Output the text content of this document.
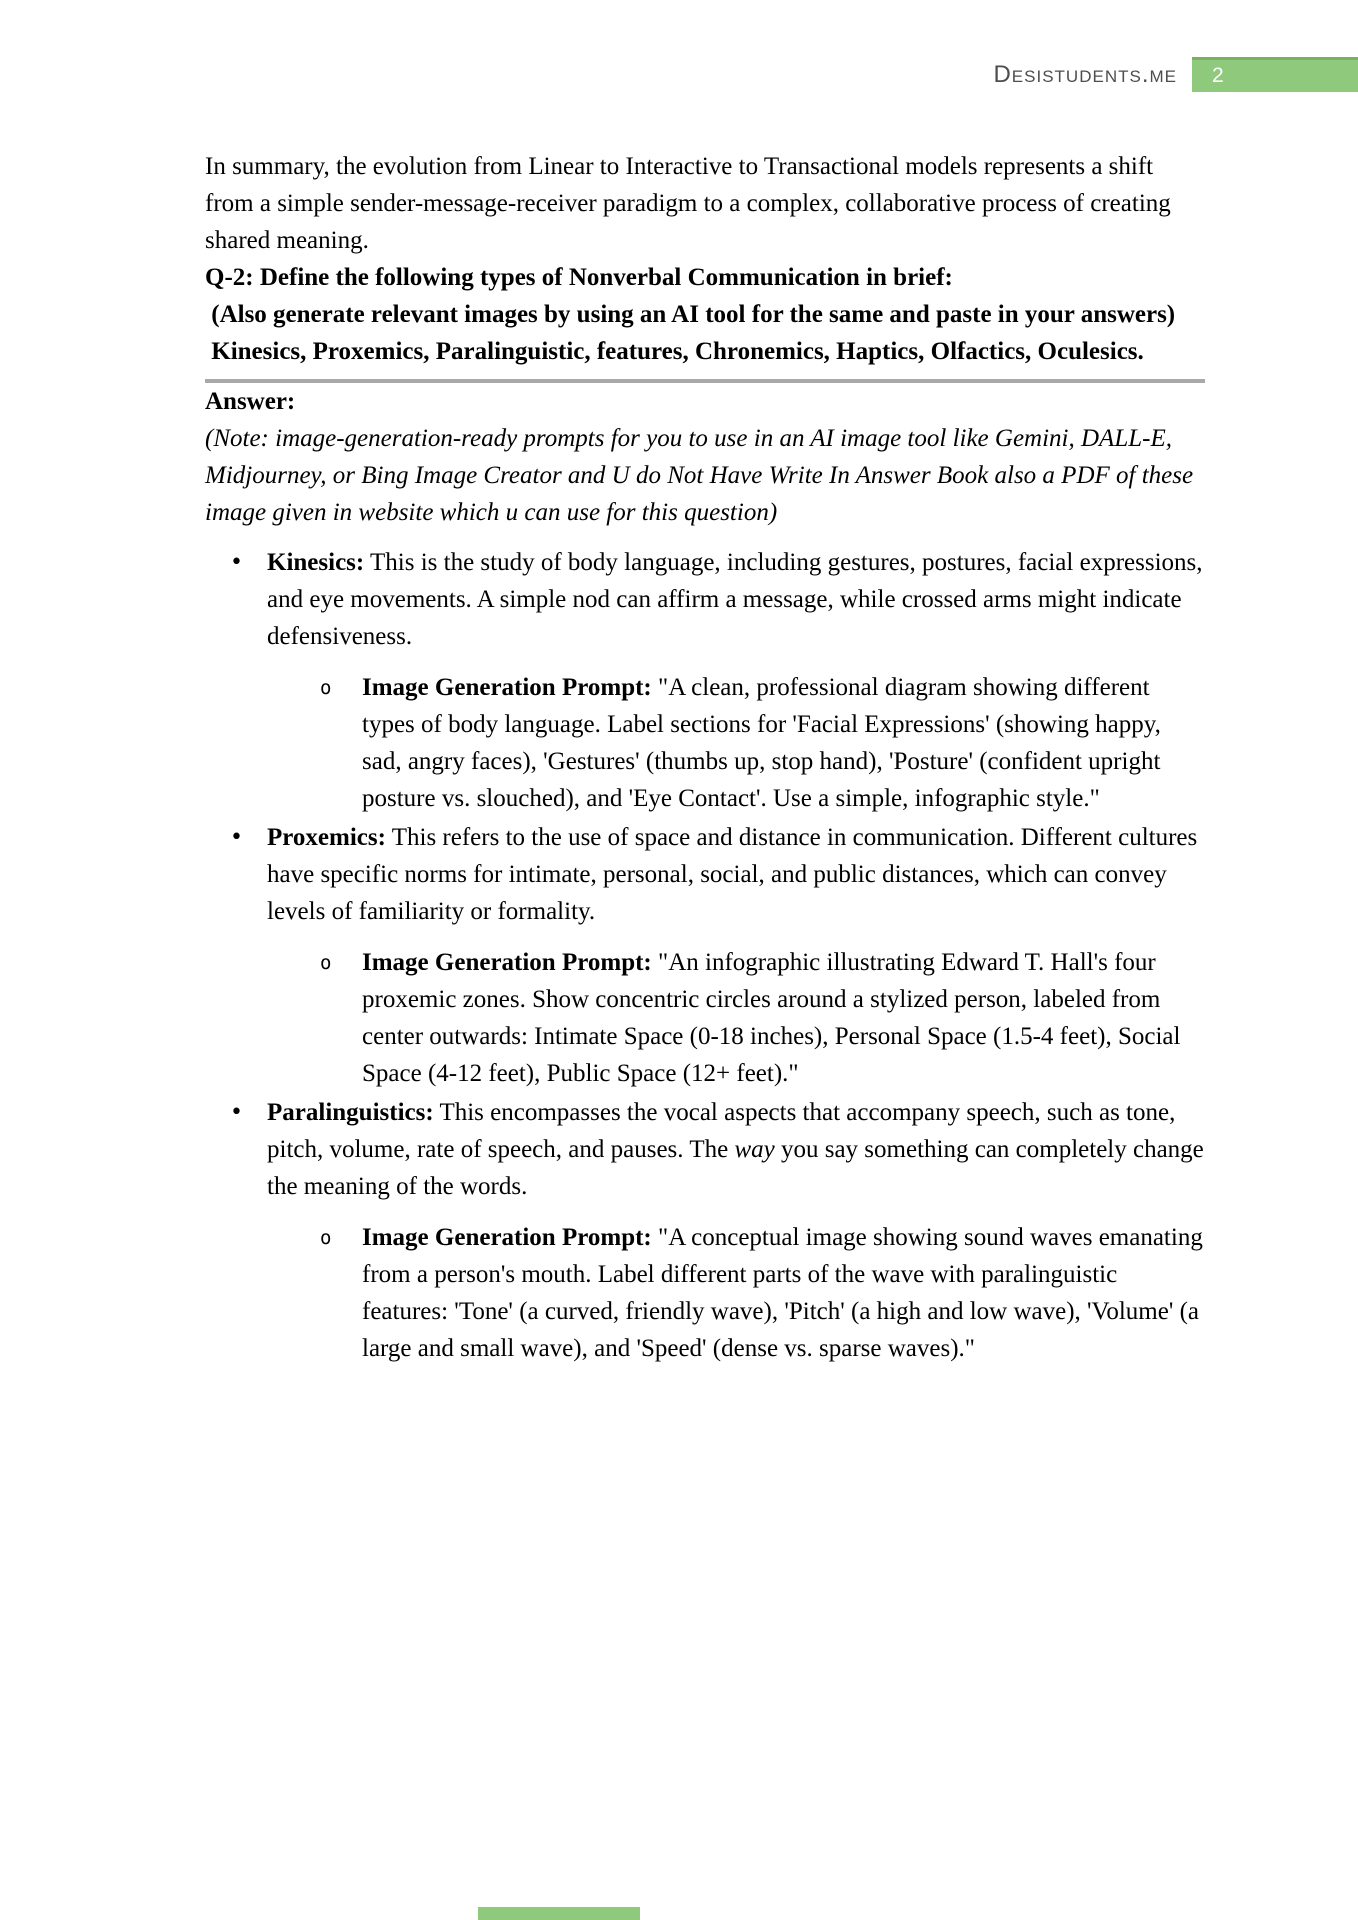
Desistudents.me	2
In summary, the evolution from Linear to Interactive to Transactional models represents a shift from a simple sender-message-receiver paradigm to a complex, collaborative process of creating shared meaning.
Q-2: Define the following types of Nonverbal Communication in brief:
(Also generate relevant images by using an AI tool for the same and paste in your answers)
Kinesics, Proxemics, Paralinguistic, features, Chronemics, Haptics, Olfactics, Oculesics.
Answer:
(Note: image-generation-ready prompts for you to use in an AI image tool like Gemini, DALL-E, Midjourney, or Bing Image Creator and U do Not Have Write In Answer Book also a PDF of these image given in website which u can use for this question)
• Kinesics: This is the study of body language, including gestures, postures, facial expressions, and eye movements. A simple nod can affirm a message, while crossed arms might indicate defensiveness.
o Image Generation Prompt: "A clean, professional diagram showing different types of body language. Label sections for 'Facial Expressions' (showing happy, sad, angry faces), 'Gestures' (thumbs up, stop hand), 'Posture' (confident upright posture vs. slouched), and 'Eye Contact'. Use a simple, infographic style."
• Proxemics: This refers to the use of space and distance in communication. Different cultures have specific norms for intimate, personal, social, and public distances, which can convey levels of familiarity or formality.
o Image Generation Prompt: "An infographic illustrating Edward T. Hall's four proxemic zones. Show concentric circles around a stylized person, labeled from center outwards: Intimate Space (0-18 inches), Personal Space (1.5-4 feet), Social Space (4-12 feet), Public Space (12+ feet)."
• Paralinguistics: This encompasses the vocal aspects that accompany speech, such as tone, pitch, volume, rate of speech, and pauses. The way you say something can completely change the meaning of the words.
o Image Generation Prompt: "A conceptual image showing sound waves emanating from a person's mouth. Label different parts of the wave with paralinguistic features: 'Tone' (a curved, friendly wave), 'Pitch' (a high and low wave), 'Volume' (a large and small wave), and 'Speed' (dense vs. sparse waves)."
